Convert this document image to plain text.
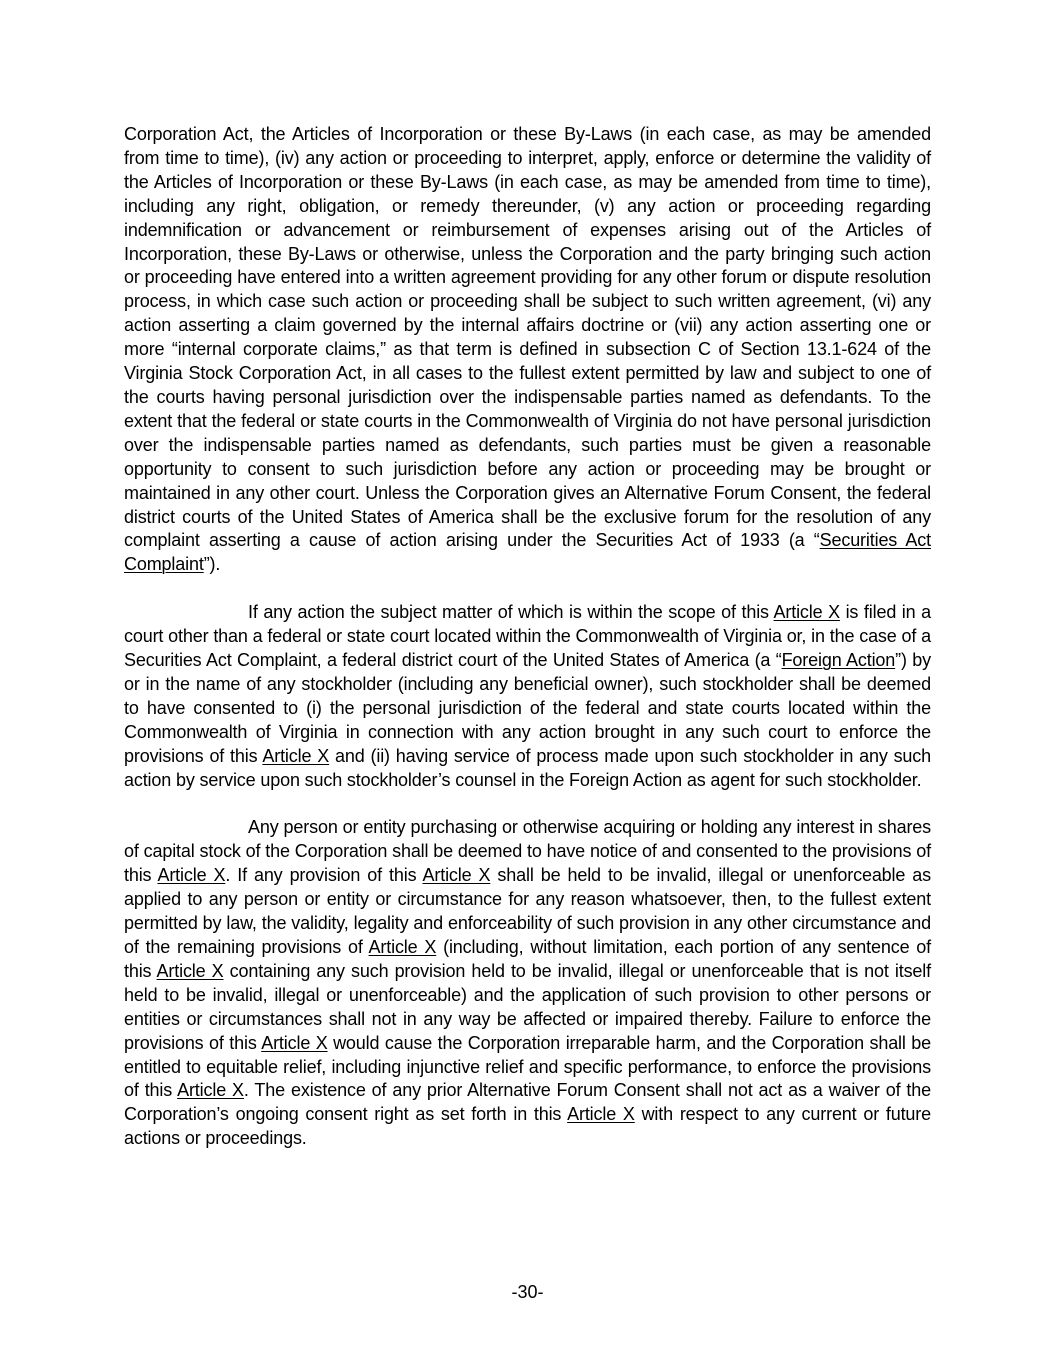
Corporation Act, the Articles of Incorporation or these By-Laws (in each case, as may be amended from time to time), (iv) any action or proceeding to interpret, apply, enforce or determine the validity of the Articles of Incorporation or these By-Laws (in each case, as may be amended from time to time), including any right, obligation, or remedy thereunder, (v) any action or proceeding regarding indemnification or advancement or reimbursement of expenses arising out of the Articles of Incorporation, these By-Laws or otherwise, unless the Corporation and the party bringing such action or proceeding have entered into a written agreement providing for any other forum or dispute resolution process, in which case such action or proceeding shall be subject to such written agreement, (vi) any action asserting a claim governed by the internal affairs doctrine or (vii) any action asserting one or more “internal corporate claims,” as that term is defined in subsection C of Section 13.1-624 of the Virginia Stock Corporation Act, in all cases to the fullest extent permitted by law and subject to one of the courts having personal jurisdiction over the indispensable parties named as defendants. To the extent that the federal or state courts in the Commonwealth of Virginia do not have personal jurisdiction over the indispensable parties named as defendants, such parties must be given a reasonable opportunity to consent to such jurisdiction before any action or proceeding may be brought or maintained in any other court. Unless the Corporation gives an Alternative Forum Consent, the federal district courts of the United States of America shall be the exclusive forum for the resolution of any complaint asserting a cause of action arising under the Securities Act of 1933 (a “Securities Act Complaint”).

If any action the subject matter of which is within the scope of this Article X is filed in a court other than a federal or state court located within the Commonwealth of Virginia or, in the case of a Securities Act Complaint, a federal district court of the United States of America (a “Foreign Action”) by or in the name of any stockholder (including any beneficial owner), such stockholder shall be deemed to have consented to (i) the personal jurisdiction of the federal and state courts located within the Commonwealth of Virginia in connection with any action brought in any such court to enforce the provisions of this Article X and (ii) having service of process made upon such stockholder in any such action by service upon such stockholder’s counsel in the Foreign Action as agent for such stockholder.

Any person or entity purchasing or otherwise acquiring or holding any interest in shares of capital stock of the Corporation shall be deemed to have notice of and consented to the provisions of this Article X. If any provision of this Article X shall be held to be invalid, illegal or unenforceable as applied to any person or entity or circumstance for any reason whatsoever, then, to the fullest extent permitted by law, the validity, legality and enforceability of such provision in any other circumstance and of the remaining provisions of Article X (including, without limitation, each portion of any sentence of this Article X containing any such provision held to be invalid, illegal or unenforceable that is not itself held to be invalid, illegal or unenforceable) and the application of such provision to other persons or entities or circumstances shall not in any way be affected or impaired thereby. Failure to enforce the provisions of this Article X would cause the Corporation irreparable harm, and the Corporation shall be entitled to equitable relief, including injunctive relief and specific performance, to enforce the provisions of this Article X. The existence of any prior Alternative Forum Consent shall not act as a waiver of the Corporation’s ongoing consent right as set forth in this Article X with respect to any current or future actions or proceedings.

-30-
